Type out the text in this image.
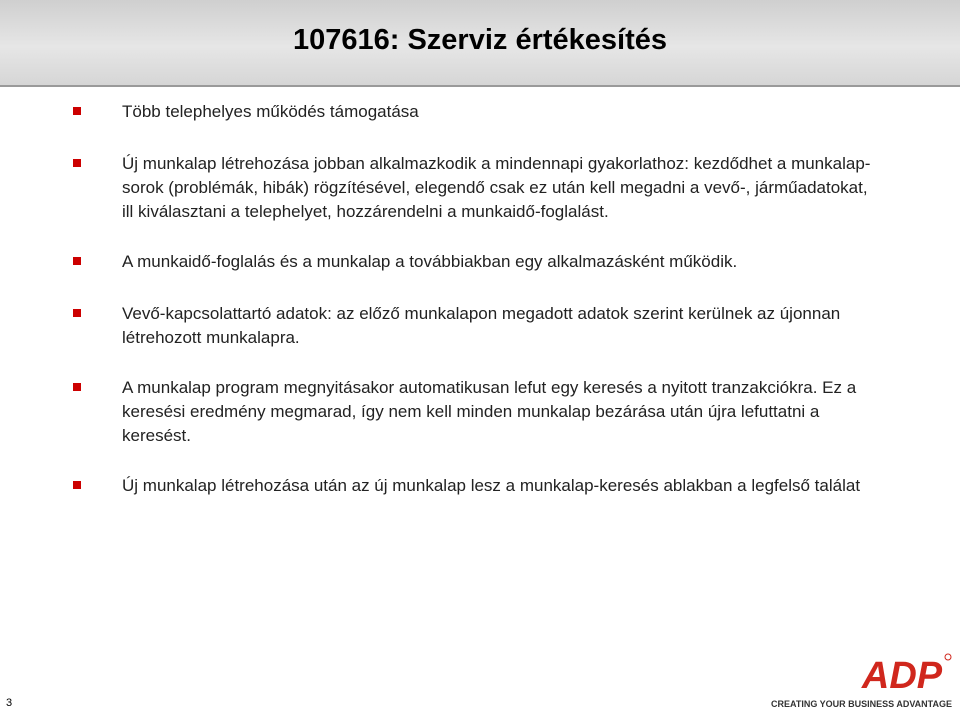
107616: Szerviz értékesítés
Több telephelyes működés támogatása
Új munkalap létrehozása jobban alkalmazkodik a mindennapi gyakorlathoz: kezdődhet a munkalap-sorok (problémák, hibák) rögzítésével, elegendő csak ez után kell megadni a vevő-, járműadatokat, ill kiválasztani a telephelyet, hozzárendelni a munkaidő-foglalást.
A munkaidő-foglalás és a munkalap a továbbiakban egy alkalmazásként működik.
Vevő-kapcsolattartó adatok: az előző munkalapon megadott adatok szerint kerülnek az újonnan létrehozott munkalapra.
A munkalap program megnyitásakor automatikusan lefut egy keresés a nyitott tranzakciókra. Ez a keresési eredmény megmarad, így nem kell minden munkalap bezárása után újra lefuttatni a keresést.
Új munkalap létrehozása után az új munkalap lesz a munkalap-keresés ablakban a legfelső találat
3
ADP
CREATING YOUR BUSINESS ADVANTAGE
